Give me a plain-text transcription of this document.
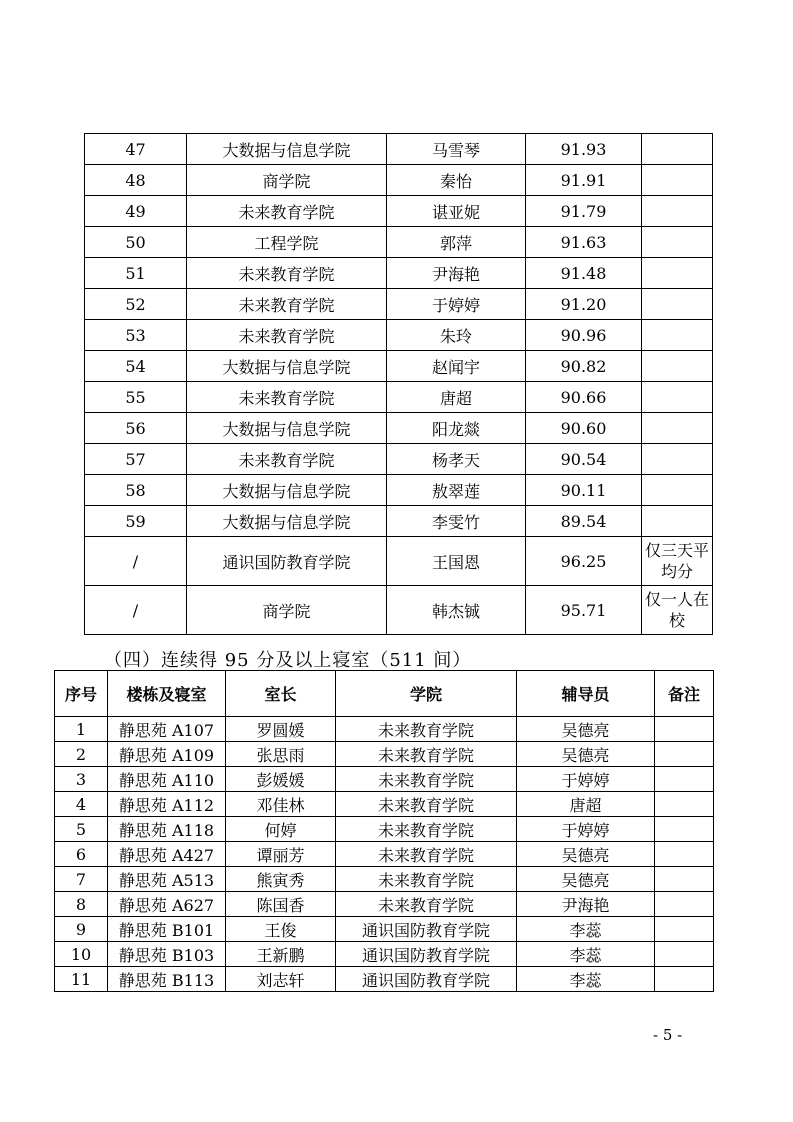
47	大数据与信息学院	马雪琴	91.93	
48	商学院	秦怡	91.91	
49	未来教育学院	谌亚妮	91.79	
50	工程学院	郭萍	91.63	
51	未来教育学院	尹海艳	91.48	
52	未来教育学院	于婷婷	91.20	
53	未来教育学院	朱玲	90.96	
54	大数据与信息学院	赵闻宇	90.82	
55	未来教育学院	唐超	90.66	
56	大数据与信息学院	阳龙燚	90.60	
57	未来教育学院	杨孝天	90.54	
58	大数据与信息学院	敖翠莲	90.11	
59	大数据与信息学院	李雯竹	89.54	
/	通识国防教育学院	王国恩	96.25	仅三天平均分
/	商学院	韩杰铖	95.71	仅一人在校
（四）连续得 95 分及以上寝室（511 间）
序号	楼栋及寝室	室长	学院	辅导员	备注
1	静思苑 A107	罗圆媛	未来教育学院	吴德亮	
2	静思苑 A109	张思雨	未来教育学院	吴德亮	
3	静思苑 A110	彭媛媛	未来教育学院	于婷婷	
4	静思苑 A112	邓佳林	未来教育学院	唐超	
5	静思苑 A118	何婷	未来教育学院	于婷婷	
6	静思苑 A427	谭丽芳	未来教育学院	吴德亮	
7	静思苑 A513	熊寅秀	未来教育学院	吴德亮	
8	静思苑 A627	陈国香	未来教育学院	尹海艳	
9	静思苑 B101	王俊	通识国防教育学院	李蕊	
10	静思苑 B103	王新鹏	通识国防教育学院	李蕊	
11	静思苑 B113	刘志轩	通识国防教育学院	李蕊	
- 5 -
